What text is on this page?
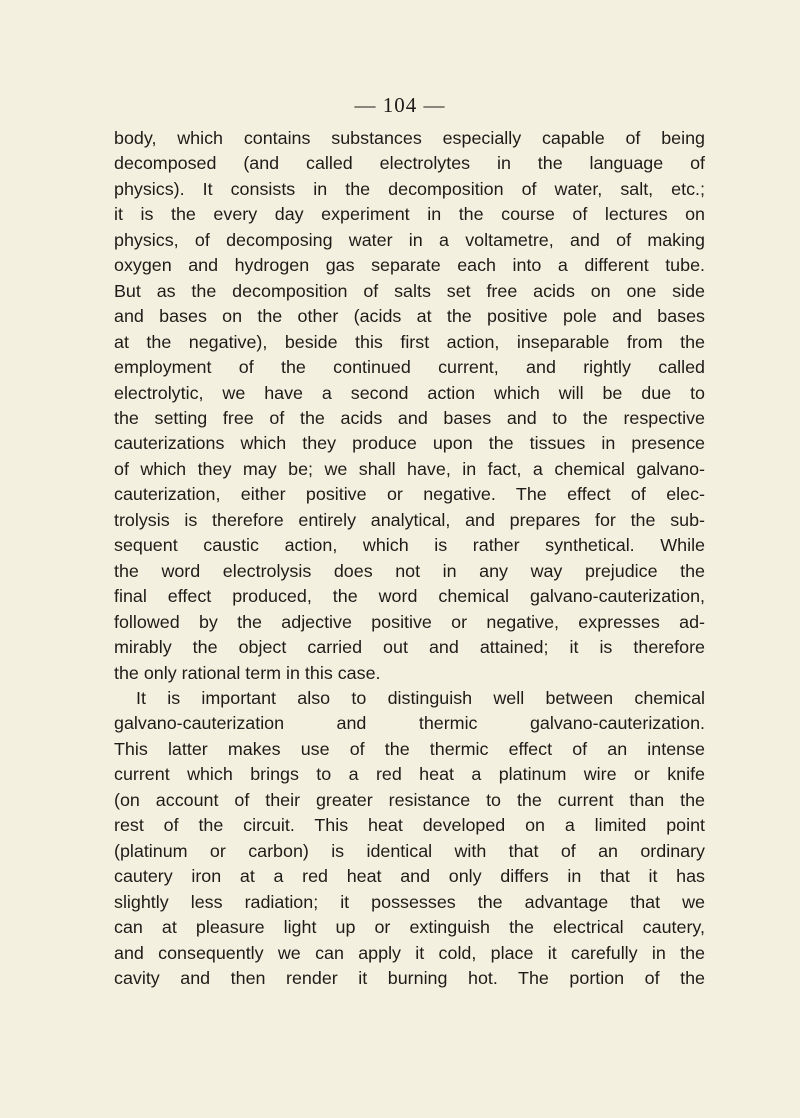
— 104 —
body, which contains substances especially capable of being
decomposed (and called electrolytes in the language of
physics). It consists in the decomposition of water, salt, etc.;
it is the every day experiment in the course of lectures on
physics, of decomposing water in a voltametre, and of making
oxygen and hydrogen gas separate each into a different tube.
But as the decomposition of salts set free acids on one side
and bases on the other (acids at the positive pole and bases
at the negative), beside this first action, inseparable from the
employment of the continued current, and rightly called
electrolytic, we have a second action which will be due to
the setting free of the acids and bases and to the respective
cauterizations which they produce upon the tissues in presence
of which they may be; we shall have, in fact, a chemical galvano-
cauterization, either positive or negative. The effect of elec-
trolysis is therefore entirely analytical, and prepares for the sub-
sequent caustic action, which is rather synthetical. While
the word electrolysis does not in any way prejudice the
final effect produced, the word chemical galvano-cauterization,
followed by the adjective positive or negative, expresses ad-
mirably the object carried out and attained; it is therefore
the only rational term in this case.
It is important also to distinguish well between chemical
galvano-cauterization and thermic galvano-cauterization.
This latter makes use of the thermic effect of an intense
current which brings to a red heat a platinum wire or knife
(on account of their greater resistance to the current than the
rest of the circuit. This heat developed on a limited point
(platinum or carbon) is identical with that of an ordinary
cautery iron at a red heat and only differs in that it has
slightly less radiation; it possesses the advantage that we
can at pleasure light up or extinguish the electrical cautery,
and consequently we can apply it cold, place it carefully in the
cavity and then render it burning hot. The portion of the
